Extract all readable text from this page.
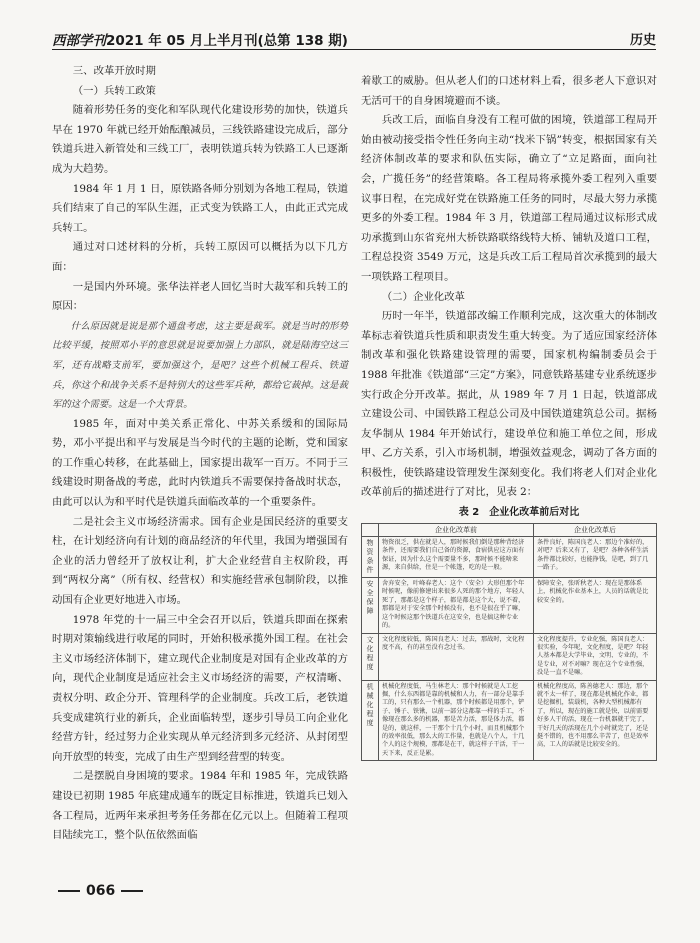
西部学刊2021 年 05 月上半月刊(总第 138 期)	历史

三、改革开放时期

（一）兵转工政策

随着形势任务的变化和军队现代化建设形势的加快，铁道兵早在 1970 年就已经开始酝酿减员，三线铁路建设完成后，部分铁道兵进入新管处和三线工厂，表明铁道兵转为铁路工人已逐渐成为大趋势。

1984 年 1 月 1 日，原铁路各师分别划为各地工程局，铁道兵们结束了自己的军队生涯，正式变为铁路工人，由此正式完成兵转工。

通过对口述材料的分析，兵转工原因可以概括为以下几方面：

一是国内外环境。张华法祥老人回忆当时大裁军和兵转工的原因：

什么原因就是说是那个通盘考虑，这主要是裁军。就是当时的形势比较平缓，按照邓小平的意思就是说要加强上力部队，就是陆海空这三军，还有战略支前军，要加强这个，是吧？这些个机械工程兵、铁道兵，你这个和战争关系不是特别大的这些军兵种，都给它裁掉。这是裁军的这个需要。这是一个大背景。

1985 年，面对中美关系正常化、中苏关系缓和的国际局势，邓小平提出和平与发展是当今时代的主题的论断，党和国家的工作重心转移，在此基础上，国家提出裁军一百万。不同于三线建设时期备战的考虑，此时内铁道兵不需要保持备战时状态，由此可以认为和平时代是铁道兵面临改革的一个重要条件。

二是社会主义市场经济需求。国有企业是国民经济的重要支柱，在计划经济向有计划的商品经济的年代里，我国为增强国有企业的活力曾经开了放权让利，扩大企业经营自主权阶段，再到“两权分离”（所有权、经营权）和实施经营承包制阶段，以推动国有企业更好地进入市场。

1978 年党的十一届三中全会召开以后，铁道兵即面在探索时期对策输线进行收尾的同时，开始积极承揽外国工程。在社会主义市场经济体制下，建立现代企业制度是对国有企业改革的方向，现代企业制度是适应社会主义市场经济的需要，产权清晰、责权分明、政企分开、管理科学的企业制度。兵改工后，老铁道兵变成建筑行业的新兵，企业面临转型，逐步引导员工向企业化经营方针，经过努力企业实现从单元经济到多元经济、从封闭型向开放型的转变，完成了由生产型到经营型的转变。

二是摆脱自身困境的要求。1984 年和 1985 年，完成铁路建设已初期 1985 年底建成通车的既定目标推进，铁道兵已划入各工程局，近两年来承担考务任务都在亿元以上。但随着工程项目陆续完工，整个队伍依然面临

着歇工的威胁。但从老人们的口述材料上看，很多老人下意识对无活可干的自身困境避而不谈。

兵改工后，面临自身没有工程可做的困境，铁道部工程局开始由被动接受指令性任务向主动“找米下锅”转变，根据国家有关经济体制改革的要求和队伍实际，确立了“立足路面，面向社会，广揽任务”的经营策略。各工程局将承揽外委工程列入重要议事日程，在完成好党在铁路施工任务的同时，尽最大努力承揽更多的外委工程。1984 年 3 月，铁道部工程局通过议标形式成功承揽到山东省兖州大桥铁路联络线特大桥、铺轨及道口工程，工程总投资 3549 万元，这是兵改工后工程局首次承揽到的最大一项铁路工程项目。

（二）企业化改革

历时一年半，铁道部改编工作顺利完成，这次重大的体制改革标志着铁道兵性质和职责发生重大转变。为了适应国家经济体制改革和强化铁路建设管理的需要，国家机构编制委员会于 1988 年批准《铁道部“三定”方案》，同意铁路基建专业系统逐步实行政企分开改革。据此，从 1989 年 7 月 1 日起，铁道部成立建设公司、中国铁路工程总公司及中国铁道建筑总公司。据杨友华制从 1984 年开始试行，建设单位和施工单位之间，形成甲、乙方关系，引入市场机制，增强效益观念，调动了各方面的积极性，使铁路建设管理发生深刻变化。我们将老人们对企业化改革前后的描述进行了对比，见表 2：

表 2　企业化改革前后对比

	企业化改革前	企业化改革后

物资条件	物资很乏，供在就是人，那时候我们倒是那种背经济条件，还需要我们自己备的资源，食宿供应这方面有保证，因为什么这个需要量不多，那时候不能啥来源，来自供给，住是一个帐篷，吃的是一般。	条件良好，陈国良老人：那边个准好的，对吧？后来又有了，是吧？各种各样生活条件都比较好，也能挣钱，是吧，到了几一路子。

安全保障	舍弃安全，叶峰春老人：这个（安全）大形但那个年时候呢，像前修建出来很多人死的那个地方，年轻人死了，那都是这个样子，都是都是这个大，说不着，那都是对于安全那个时候没有，也不是很在乎了嘛，这个时候这那个铁道兵在这安全，也是搞这种专业的。	保障安全，张昕秋老人：现在是那体系上，机械化作业基本上，人员的话就是比较安全的。

文化程度	文化程度较低，陈国良老人：过去，那战时，文化程度不高，有的甚至没有念过书。	文化程度提升，专业化强，陈国良老人：很实验，今年呢，文化程度，是吧？年轻人基本都是大学毕业，文明、专业的，不是专业，对不对嘛？现在这个专业性强，没是一直不是嘛。

机械化程度	机械化程度低，马生林老人：那个时候就是人工挖掘，什么东西都是靠的机械和人力，有一部分是靠手工的，只有那么一个机器，那个时候都是用那个，铲子、锤子、铁锹，以前一部分这都靠一样的手工，不像现在那么多的机器，那是苦力活，那是体力活，都是的，就这样，一干那个十几个小时，而且机械那个的效率很低，那么大的工作量，也就是八个人，十几个人的这个规模，那都是在干，就这样子干活，干一天下来，反正是累。	机械化程度高，陈善德老人：那边，那个就不太一样了，现在都是机械化作业，都是挖掘机，装载机，各种大型机械都有了，所以，现在的施工就是快，以前需要好多人干的活，现在一台机器就干完了，干好几天的活现在几个小时就完了，还是挺不错的，也不用那么辛苦了，但是效率高，工人的话就是比较安全的。
066
